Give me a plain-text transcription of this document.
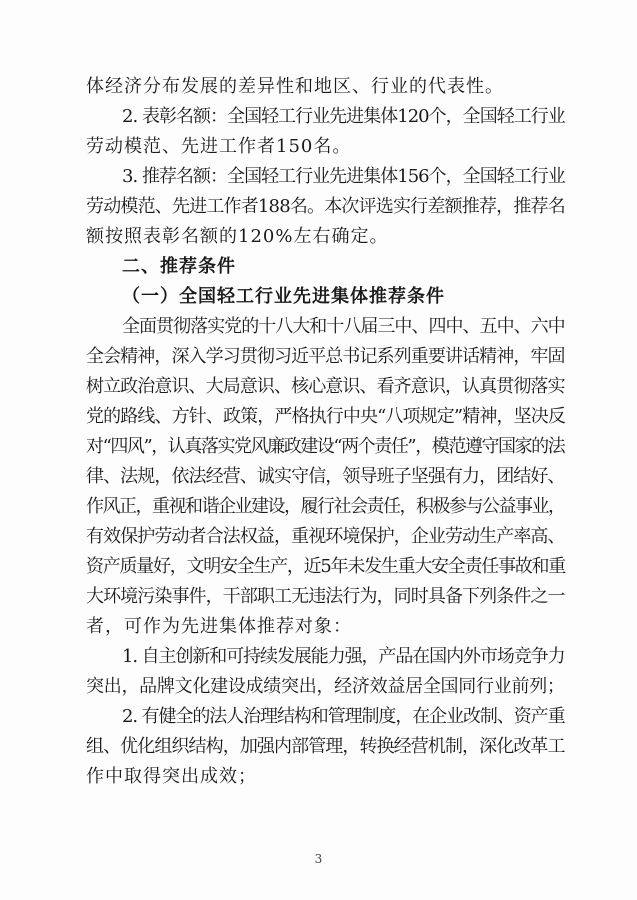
体经济分布发展的差异性和地区、行业的代表性。
2. 表彰名额：全国轻工行业先进集体120个，全国轻工行业
劳动模范、先进工作者150名。
3. 推荐名额：全国轻工行业先进集体156个，全国轻工行业
劳动模范、先进工作者188名。本次评选实行差额推荐，推荐名
额按照表彰名额的120%左右确定。
二、推荐条件
（一）全国轻工行业先进集体推荐条件
全面贯彻落实党的十八大和十八届三中、四中、五中、六中
全会精神，深入学习贯彻习近平总书记系列重要讲话精神，牢固
树立政治意识、大局意识、核心意识、看齐意识，认真贯彻落实
党的路线、方针、政策，严格执行中央“八项规定”精神，坚决反
对“四风”，认真落实党风廉政建设“两个责任”，模范遵守国家的法
律、法规，依法经营、诚实守信，领导班子坚强有力，团结好、
作风正，重视和谐企业建设，履行社会责任，积极参与公益事业，
有效保护劳动者合法权益，重视环境保护，企业劳动生产率高、
资产质量好，文明安全生产，近5年未发生重大安全责任事故和重
大环境污染事件，干部职工无违法行为，同时具备下列条件之一
者，可作为先进集体推荐对象：
1. 自主创新和可持续发展能力强，产品在国内外市场竞争力
突出，品牌文化建设成绩突出，经济效益居全国同行业前列；
2. 有健全的法人治理结构和管理制度，在企业改制、资产重
组、优化组织结构，加强内部管理，转换经营机制，深化改革工
作中取得突出成效；
3
